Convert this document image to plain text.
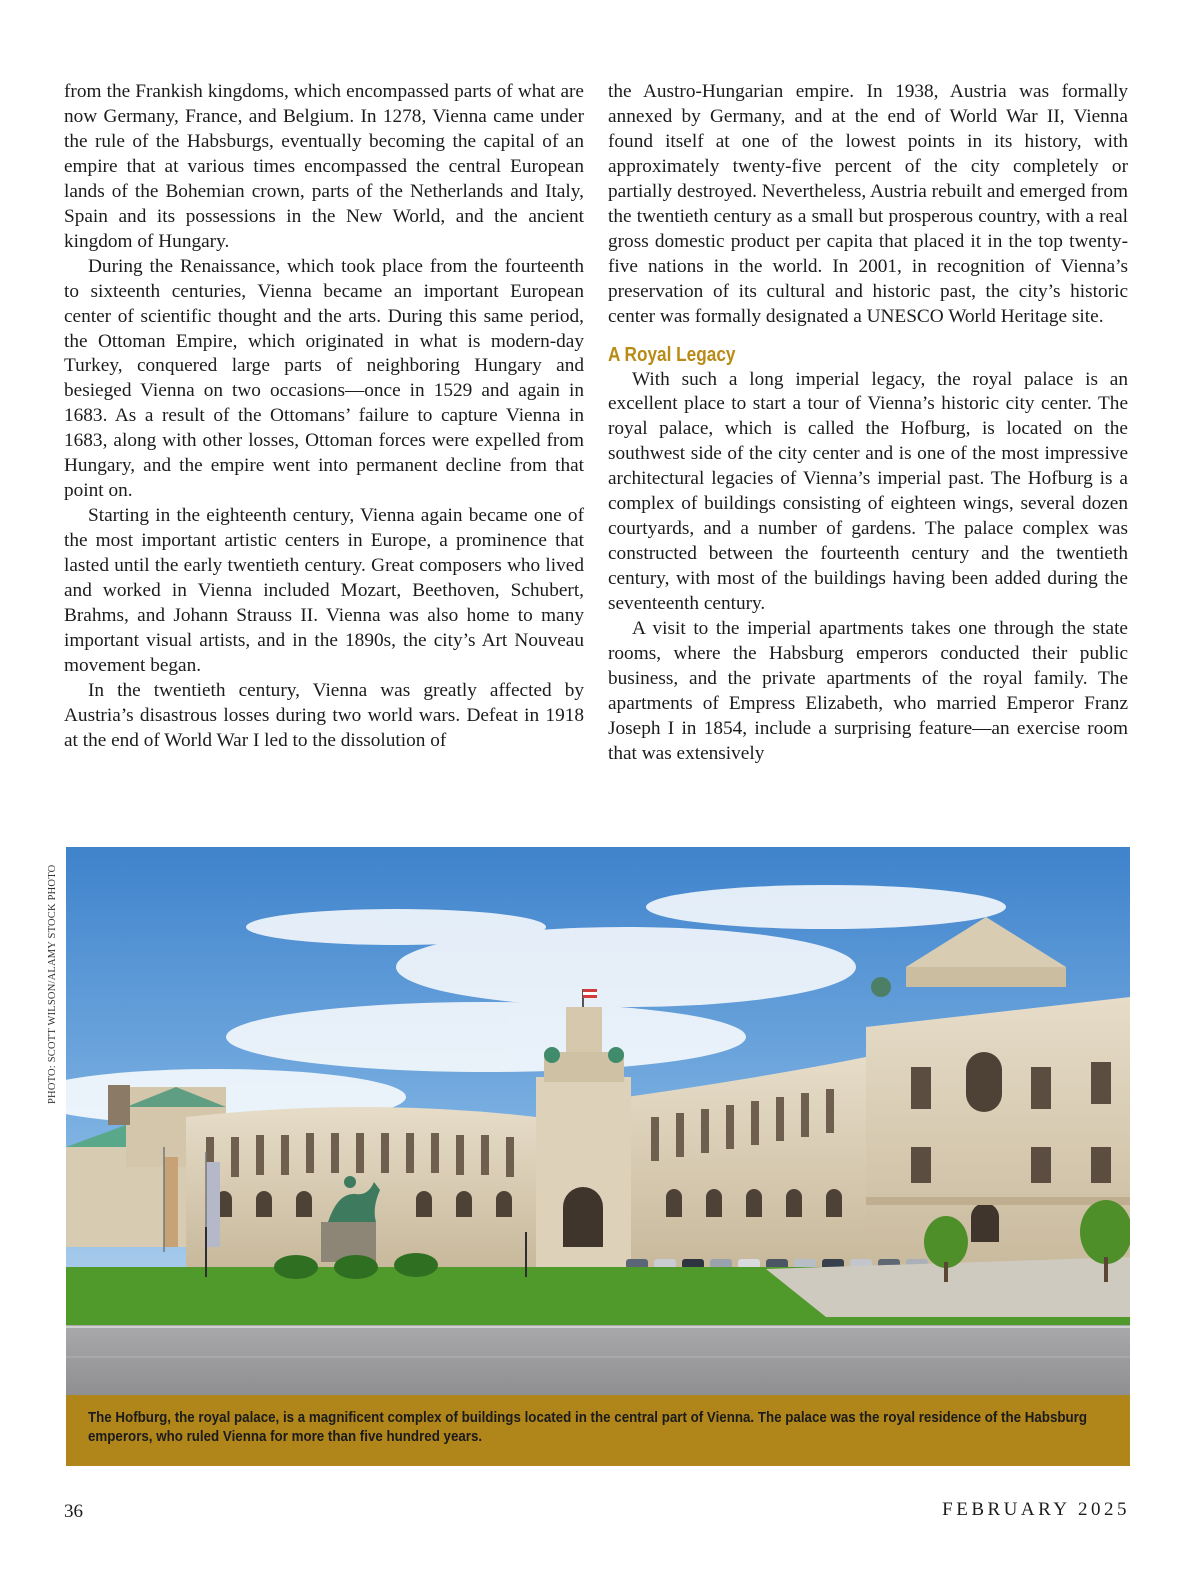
from the Frankish kingdoms, which encompassed parts of what are now Germany, France, and Belgium. In 1278, Vienna came under the rule of the Habsburgs, eventually becoming the capital of an empire that at various times encompassed the central European lands of the Bohemian crown, parts of the Netherlands and Italy, Spain and its possessions in the New World, and the ancient kingdom of Hungary.

During the Renaissance, which took place from the fourteenth to sixteenth centuries, Vienna became an important European center of scientific thought and the arts. During this same period, the Ottoman Empire, which originated in what is modern-day Turkey, conquered large parts of neighboring Hungary and besieged Vienna on two occasions—once in 1529 and again in 1683. As a result of the Ottomans’ failure to capture Vienna in 1683, along with other losses, Ottoman forces were expelled from Hungary, and the empire went into permanent decline from that point on.

Starting in the eighteenth century, Vienna again became one of the most important artistic centers in Europe, a prominence that lasted until the early twentieth century. Great composers who lived and worked in Vienna included Mozart, Beethoven, Schubert, Brahms, and Johann Strauss II. Vienna was also home to many important visual artists, and in the 1890s, the city’s Art Nouveau movement began.

In the twentieth century, Vienna was greatly affected by Austria’s disastrous losses during two world wars. Defeat in 1918 at the end of World War I led to the dissolution of

the Austro-Hungarian empire. In 1938, Austria was formally annexed by Germany, and at the end of World War II, Vienna found itself at one of the lowest points in its history, with approximately twenty-five percent of the city completely or partially destroyed. Nevertheless, Austria rebuilt and emerged from the twentieth century as a small but prosperous country, with a real gross domestic product per capita that placed it in the top twenty-five nations in the world. In 2001, in recognition of Vienna’s preservation of its cultural and historic past, the city’s historic center was formally designated a UNESCO World Heritage site.

A Royal Legacy

With such a long imperial legacy, the royal palace is an excellent place to start a tour of Vienna’s historic city center. The royal palace, which is called the Hofburg, is located on the southwest side of the city center and is one of the most impressive architectural legacies of Vienna’s imperial past. The Hofburg is a complex of buildings consisting of eighteen wings, several dozen courtyards, and a number of gardens. The palace complex was constructed between the fourteenth century and the twentieth century, with most of the buildings having been added during the seventeenth century.

A visit to the imperial apartments takes one through the state rooms, where the Habsburg emperors conducted their public business, and the private apartments of the royal family. The apartments of Empress Elizabeth, who married Emperor Franz Joseph I in 1854, include a surprising feature—an exercise room that was extensively

PHOTO: SCOTT WILSON/ALAMY STOCK PHOTO
The Hofburg, the royal palace, is a magnificent complex of buildings located in the central part of Vienna. The palace was the royal residence of the Habsburg emperors, who ruled Vienna for more than five hundred years.
36	FEBRUARY 2025
